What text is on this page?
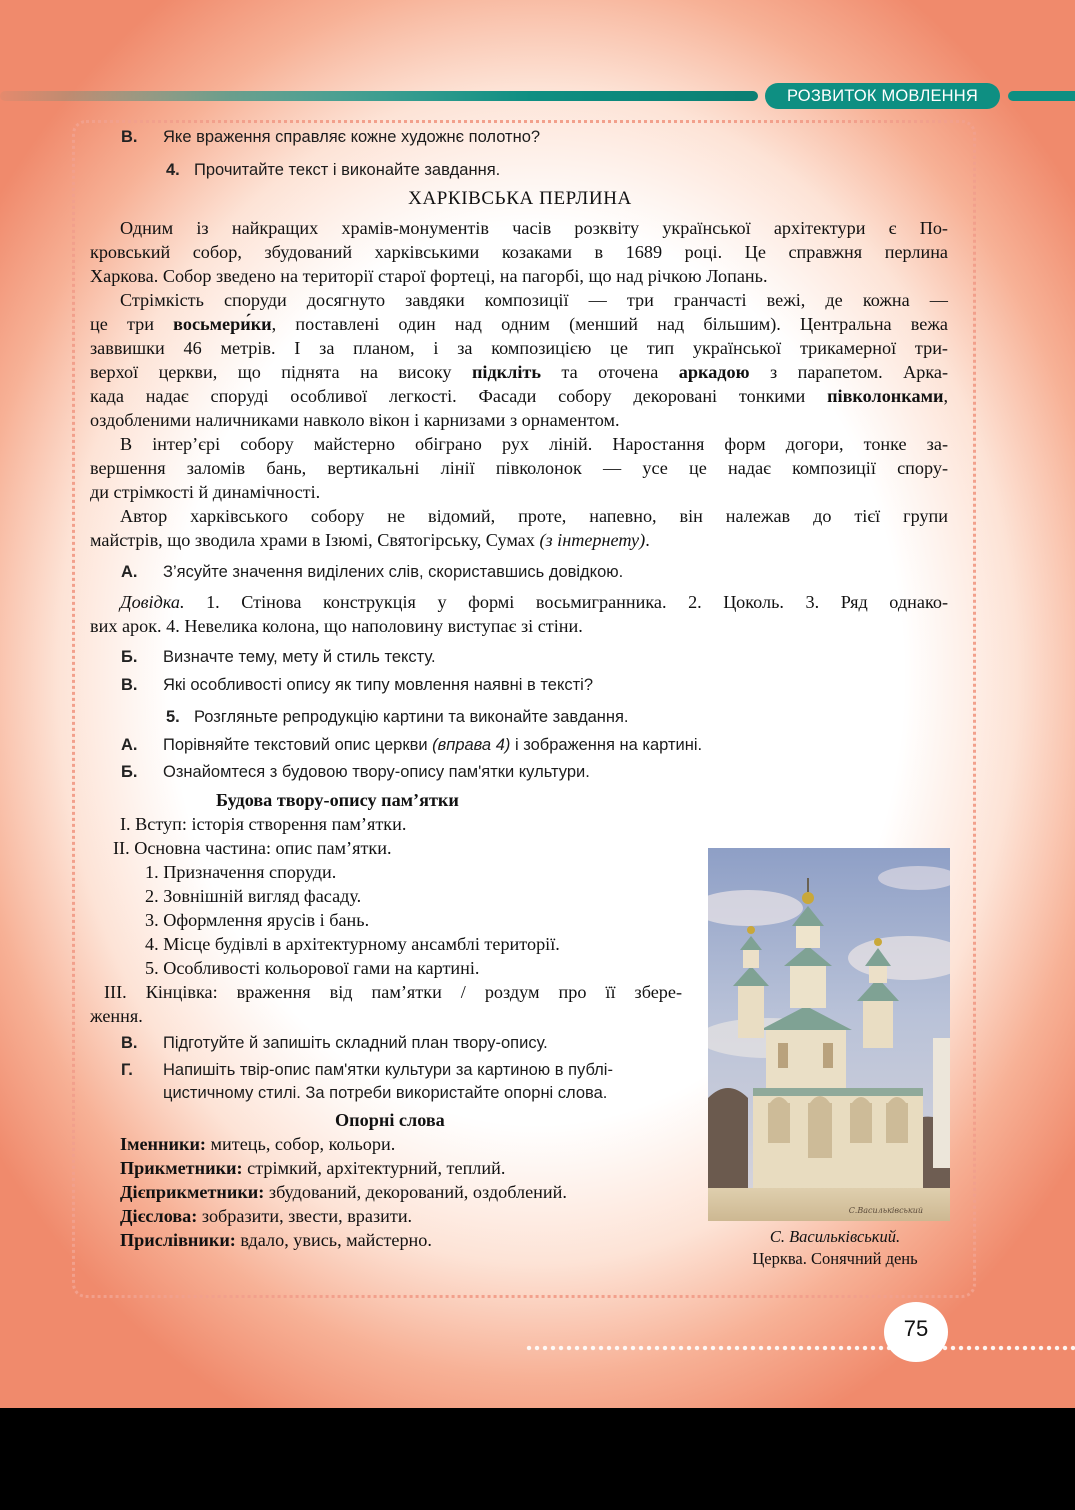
РОЗВИТОК МОВЛЕННЯ
В. Яке враження справляє кожне художнє полотно?
4. Прочитайте текст і виконайте завдання.
ХАРКІВСЬКА ПЕРЛИНА
Одним із найкращих храмів-монументів часів розквіту української архітектури є По-
кровський собор, збудований харківськими козаками в 1689 році. Це справжня перлина
Харкова. Собор зведено на території старої фортеці, на пагорбі, що над річкою Лопань.
Стрімкість споруди досягнуто завдяки композиції — три гранчасті вежі, де кожна —
це три восьмери́ки, поставлені один над одним (менший над більшим). Центральна вежа
заввишки 46 метрів. І за планом, і за композицією це тип української трикамерної три-
верхої церкви, що піднята на високу підкліть та оточена аркадою з парапетом. Арка-
када надає споруді особливої легкості. Фасади собору декоровані тонкими півколонками,
оздобленими наличниками навколо вікон і карнизами з орнаментом.
В інтер’єрі собору майстерно обіграно рух ліній. Наростання форм догори, тонке за-
вершення заломів бань, вертикальні лінії півколонок — усе це надає композиції спору-
ди стрімкості й динамічності.
Автор харківського собору не відомий, проте, напевно, він належав до тієї групи
майстрів, що зводила храми в Ізюмі, Святогірську, Сумах (з інтернету).
А. З’ясуйте значення виділених слів, скориставшись довідкою.
Довідка. 1. Стінова конструкція у формі восьмигранника. 2. Цоколь. 3. Ряд однако-
вих арок. 4. Невелика колона, що наполовину виступає зі стіни.
Б. Визначте тему, мету й стиль тексту.
В. Які особливості опису як типу мовлення наявні в тексті?
5. Розгляньте репродукцію картини та виконайте завдання.
А. Порівняйте текстовий опис церкви (вправа 4) і зображення на картині.
Б. Ознайомтеся з будовою твору-опису пам'ятки культури.
Будова твору-опису пам’ятки
І. Вступ: історія створення пам’ятки.
ІІ. Основна частина: опис пам’ятки.
1. Призначення споруди.
2. Зовнішній вигляд фасаду.
3. Оформлення ярусів і бань.
4. Місце будівлі в архітектурному ансамблі території.
5. Особливості кольорової гами на картині.
ІІІ. Кінцівка: враження від пам’ятки / роздум про її збере-
ження.
В. Підготуйте й запишіть складний план твору-опису.
Г. Напишіть твір-опис пам'ятки культури за картиною в публі-
цистичному стилі. За потреби використайте опорні слова.
Опорні слова
Іменники: митець, собор, кольори.
Прикметники: стрімкий, архітектурний, теплий.
Дієприкметники: збудований, декорований, оздоблений.
Дієслова: зобразити, звести, вразити.
Прислівники: вдало, увись, майстерно.
С.Васильківський
С. Васильківський.
Церква. Сонячний день
75
